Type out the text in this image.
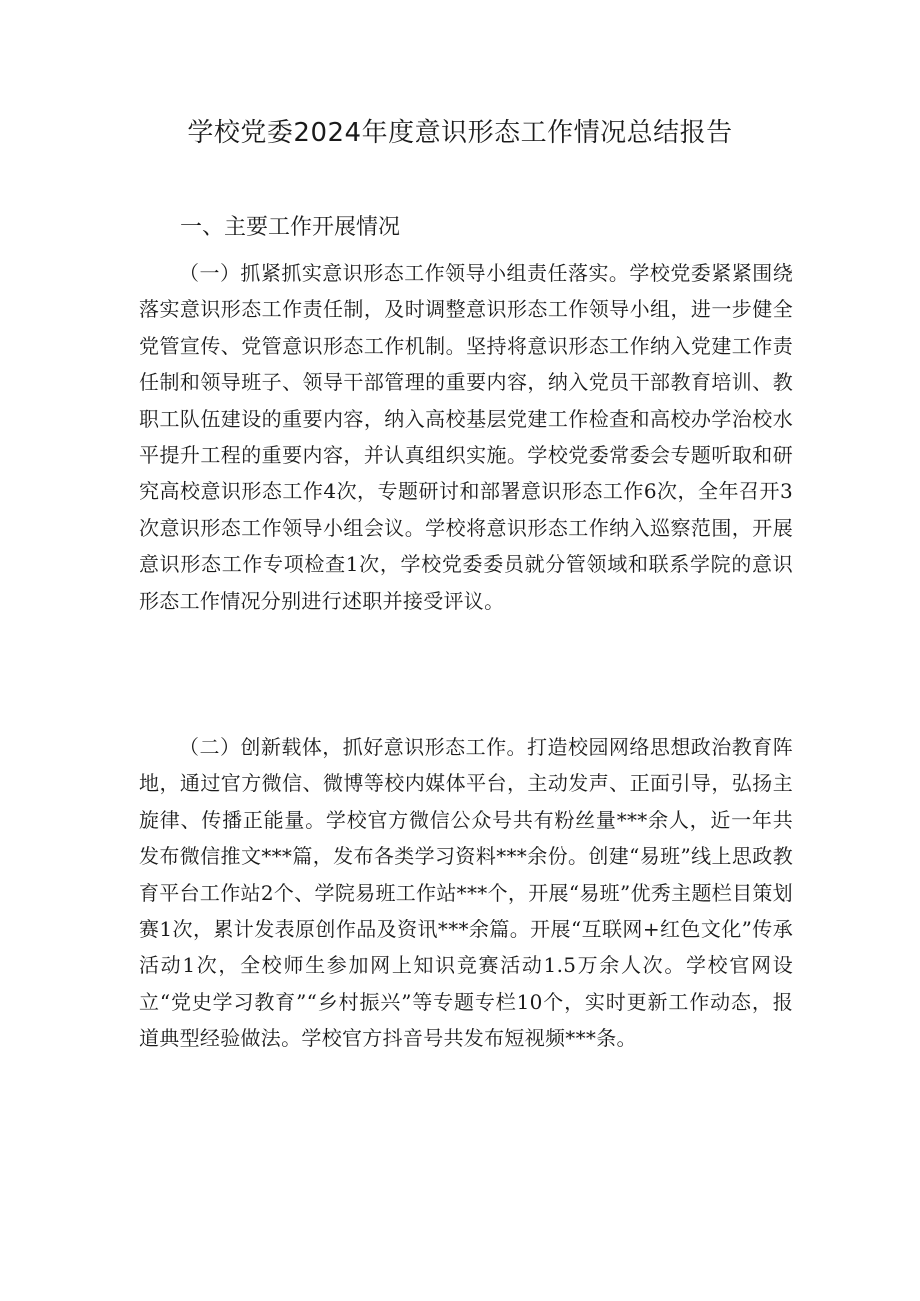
学校党委2024年度意识形态工作情况总结报告
一、主要工作开展情况

（一）抓紧抓实意识形态工作领导小组责任落实。学校党委紧紧围绕落实意识形态工作责任制，及时调整意识形态工作领导小组，进一步健全党管宣传、党管意识形态工作机制。坚持将意识形态工作纳入党建工作责任制和领导班子、领导干部管理的重要内容，纳入党员干部教育培训、教职工队伍建设的重要内容，纳入高校基层党建工作检查和高校办学治校水平提升工程的重要内容，并认真组织实施。学校党委常委会专题听取和研究高校意识形态工作4次，专题研讨和部署意识形态工作6次，全年召开3次意识形态工作领导小组会议。学校将意识形态工作纳入巡察范围，开展意识形态工作专项检查1次，学校党委委员就分管领域和联系学院的意识形态工作情况分别进行述职并接受评议。

（二）创新载体，抓好意识形态工作。打造校园网络思想政治教育阵地，通过官方微信、微博等校内媒体平台，主动发声、正面引导，弘扬主旋律、传播正能量。学校官方微信公众号共有粉丝量***余人，近一年共发布微信推文***篇，发布各类学习资料***余份。创建“易班”线上思政教育平台工作站2个、学院易班工作站***个，开展“易班”优秀主题栏目策划赛1次，累计发表原创作品及资讯***余篇。开展“互联网+红色文化”传承活动1次，全校师生参加网上知识竞赛活动1.5万余人次。学校官网设立“党史学习教育”“乡村振兴”等专题专栏10个，实时更新工作动态，报道典型经验做法。学校官方抖音号共发布短视频***条。
